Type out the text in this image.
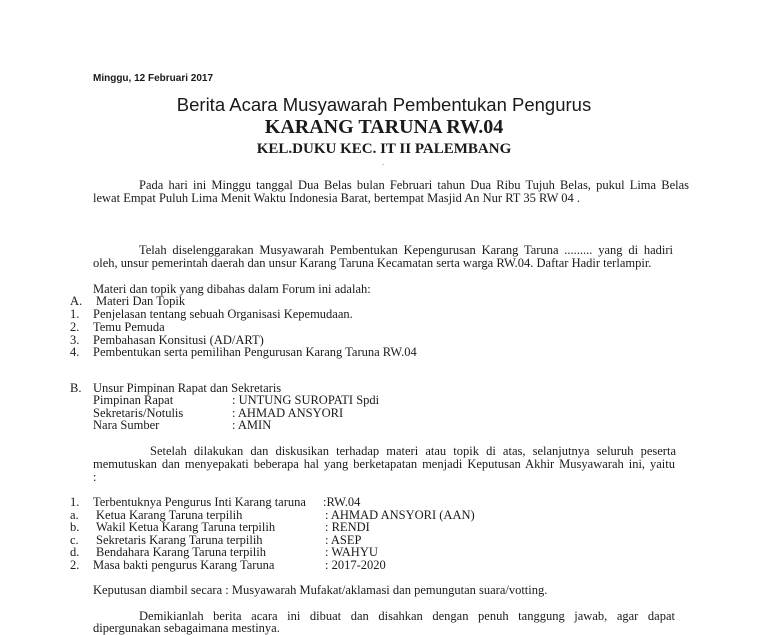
Minggu, 12 Februari 2017
Berita Acara Musyawarah Pembentukan Pengurus
KARANG TARUNA RW.04
KEL.DUKU KEC. IT II PALEMBANG
.
Pada hari ini Minggu tanggal Dua Belas bulan Februari tahun Dua Ribu Tujuh Belas, pukul Lima Belas
lewat Empat Puluh Lima Menit Waktu Indonesia Barat, bertempat Masjid An Nur RT 35 RW 04 .
Telah diselenggarakan Musyawarah Pembentukan Kepengurusan Karang Taruna ......... yang di hadiri
oleh, unsur pemerintah daerah dan unsur Karang Taruna Kecamatan serta warga RW.04. Daftar Hadir terlampir.
Materi dan topik yang dibahas dalam Forum ini adalah:
A. Materi Dan Topik
1. Penjelasan tentang sebuah Organisasi Kepemudaan.
2. Temu Pemuda
3. Pembahasan Konsitusi (AD/ART)
4. Pembentukan serta pemilihan Pengurusan Karang Taruna RW.04
B. Unsur Pimpinan Rapat dan Sekretaris
Pimpinan Rapat	: UNTUNG SUROPATI Spdi
Sekretaris/Notulis	: AHMAD ANSYORI
Nara Sumber	: AMIN
Setelah dilakukan dan diskusikan terhadap materi atau topik di atas, selanjutnya seluruh peserta
memutuskan dan menyepakati beberapa hal yang berketapatan menjadi Keputusan Akhir Musyawarah ini, yaitu
:
1. Terbentuknya Pengurus Inti Karang taruna :RW.04
a. Ketua Karang Taruna terpilih	: AHMAD ANSYORI (AAN)
b. Wakil Ketua Karang Taruna terpilih	: RENDI
c. Sekretaris Karang Taruna terpilih	: ASEP
d. Bendahara Karang Taruna terpilih	: WAHYU
2. Masa bakti pengurus Karang Taruna	: 2017-2020
Keputusan diambil secara : Musyawarah Mufakat/aklamasi dan pemungutan suara/votting.
Demikianlah berita acara ini dibuat dan disahkan dengan penuh tanggung jawab, agar dapat
dipergunakan sebagaimana mestinya.
